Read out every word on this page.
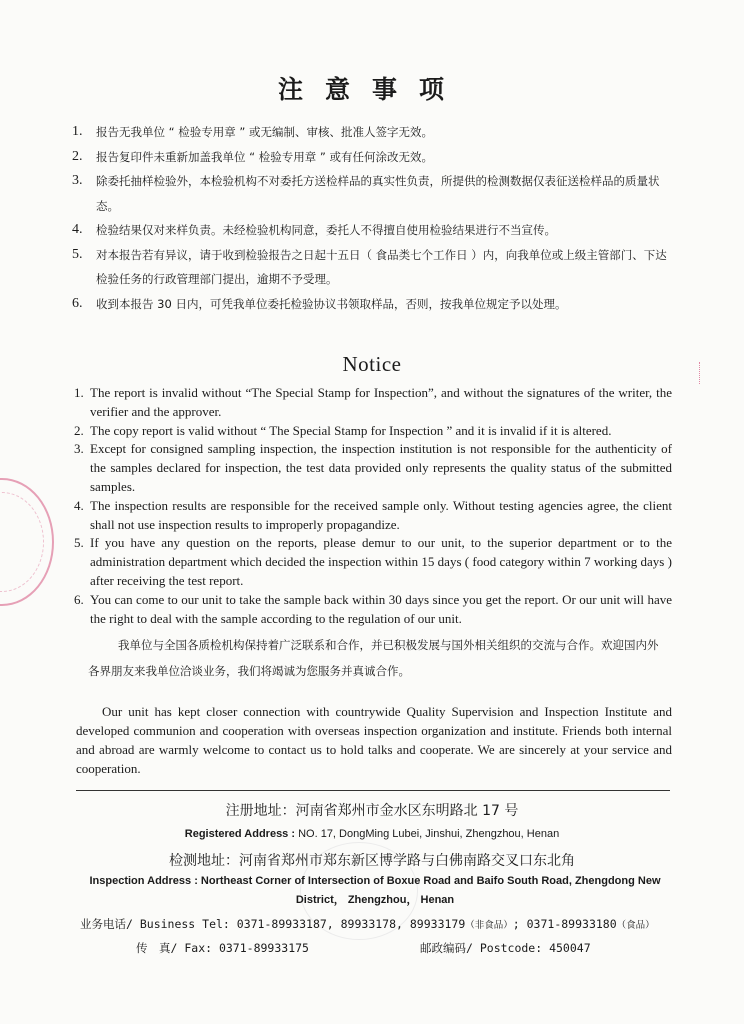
注意事项
1.	报告无我单位 “ 检验专用章 ” 或无编制、审核、批准人签字无效。
2.	报告复印件未重新加盖我单位 “ 检验专用章 ” 或有任何涂改无效。
3.	除委托抽样检验外，本检验机构不对委托方送检样品的真实性负责，所提供的检测数据仅表征送检样品的质量状态。
4.	检验结果仅对来样负责。未经检验机构同意，委托人不得擅自使用检验结果进行不当宣传。
5.	对本报告若有异议，请于收到检验报告之日起十五日（ 食品类七个工作日 ）内，向我单位或上级主管部门、下达检验任务的行政管理部门提出，逾期不予受理。
6.	收到本报告 30 日内，可凭我单位委托检验协议书领取样品，否则，按我单位规定予以处理。
Notice
1. The report is invalid without “The Special Stamp for Inspection”, and without the signatures of the writer, the verifier and the approver.
2. The copy report is valid without “ The Special Stamp for Inspection ” and it is invalid if it is altered.
3. Except for consigned sampling inspection, the inspection institution is not responsible for the authenticity of the samples declared for inspection, the test data provided only represents the quality status of the submitted samples.
4. The inspection results are responsible for the received sample only. Without testing agencies agree, the client shall not use inspection results to improperly propagandize.
5. If you have any question on the reports, please demur to our unit, to the superior department or to the administration department which decided the inspection within 15 days ( food category within 7 working days ) after receiving the test report.
6. You can come to our unit to take the sample back within 30 days since you get the report. Or our unit will have the right to deal with the sample according to the regulation of our unit.
我单位与全国各质检机构保持着广泛联系和合作，并已积极发展与国外相关组织的交流与合作。欢迎国内外各界朋友来我单位洽谈业务，我们将竭诚为您服务并真诚合作。
Our unit has kept closer connection with countrywide Quality Supervision and Inspection Institute and developed communion and cooperation with overseas inspection organization and institute. Friends both internal and abroad are warmly welcome to contact us to hold talks and cooperate. We are sincerely at your service and cooperation.
注册地址：河南省郑州市金水区东明路北 17 号
Registered Address : NO. 17, DongMing Lubei, Jinshui, Zhengzhou, Henan
检测地址：河南省郑州市郑东新区博学路与白佛南路交叉口东北角
Inspection Address : Northeast Corner of Intersection of Boxue Road and Baifo South Road, Zhengdong New District， Zhengzhou， Henan
业务电话/ Business Tel: 0371-89933187, 89933178, 89933179（非食品）; 0371-89933180（食品）
传　真/ Fax: 0371-89933175	邮政编码/ Postcode: 450047
